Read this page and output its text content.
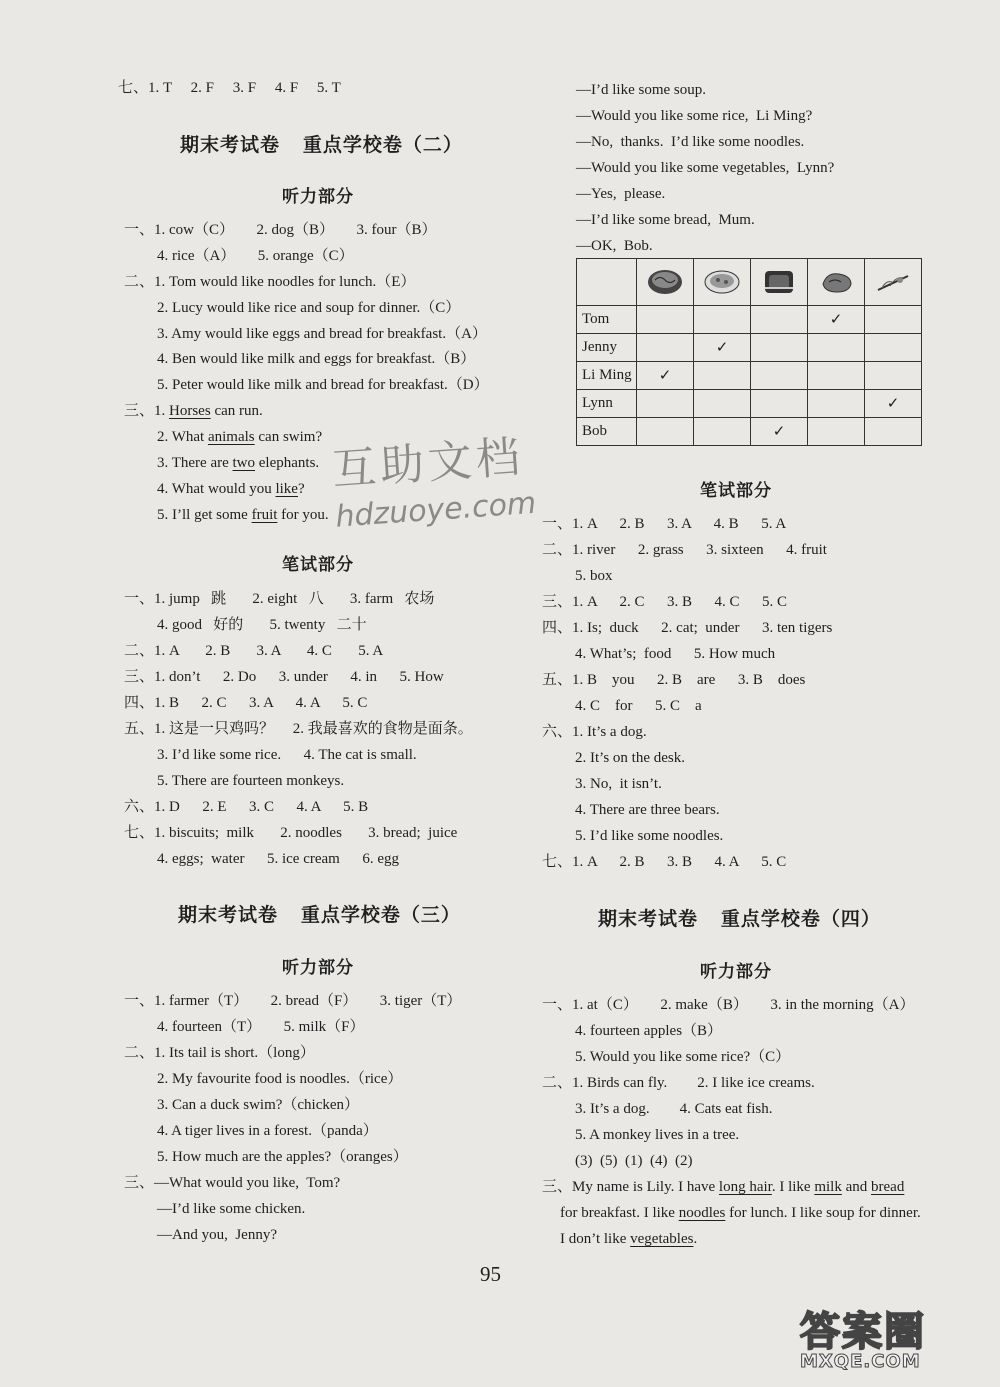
七、1. T     2. F     3. F     4. F     5. T
期末考试卷   重点学校卷（二）
听力部分
一、1. cow（C）      2. dog（B）      3. four（B）
4. rice（A）      5. orange（C）
二、1. Tom would like noodles for lunch.（E）
2. Lucy would like rice and soup for dinner.（C）
3. Amy would like eggs and bread for breakfast.（A）
4. Ben would like milk and eggs for breakfast.（B）
5. Peter would like milk and bread for breakfast.（D）
三、1. Horses can run.
2. What animals can swim?
3. There are two elephants.
4. What would you like?
5. I’ll get some fruit for you.
笔试部分
一、1. jump   跳       2. eight   八       3. farm   农场
4. good   好的       5. twenty   二十
二、1. A       2. B       3. A       4. C       5. A
三、1. don’t      2. Do      3. under      4. in      5. How
四、1. B      2. C      3. A      4. A      5. C
五、1. 这是一只鸡吗？     2. 我最喜欢的食物是面条。
3. I’d like some rice.      4. The cat is small.
5. There are fourteen monkeys.
六、1. D      2. E      3. C      4. A      5. B
七、1. biscuits;  milk       2. noodles       3. bread;  juice
4. eggs;  water      5. ice cream      6. egg
期末考试卷   重点学校卷（三）
听力部分
一、1. farmer（T）      2. bread（F）      3. tiger（T）
4. fourteen（T）      5. milk（F）
二、1. Its tail is short.（long）
2. My favourite food is noodles.（rice）
3. Can a duck swim?（chicken）
4. A tiger lives in a forest.（panda）
5. How much are the apples?（oranges）
三、—What would you like,  Tom?
—I’d like some chicken.
—And you,  Jenny?
—I’d like some soup.
—Would you like some rice,  Li Ming?
—No,  thanks.  I’d like some noodles.
—Would you like some vegetables,  Lynn?
—Yes,  please.
—I’d like some bread,  Mum.
—OK,  Bob.

Tom				✓	
Jenny		✓			
Li Ming	✓				
Lynn					✓
Bob			✓		
笔试部分
一、1. A      2. B      3. A      4. B      5. A
二、1. river      2. grass      3. sixteen      4. fruit
5. box
三、1. A      2. C      3. B      4. C      5. C
四、1. Is;  duck      2. cat;  under      3. ten tigers
4. What’s;  food      5. How much
五、1. B    you      2. B    are      3. B    does
4. C    for      5. C    a
六、1. It’s a dog.
2. It’s on the desk.
3. No,  it isn’t.
4. There are three bears.
5. I’d like some noodles.
七、1. A      2. B      3. B      4. A      5. C
期末考试卷   重点学校卷（四）
听力部分
一、1. at（C）      2. make（B）      3. in the morning（A）
4. fourteen apples（B）
5. Would you like some rice?（C）
二、1. Birds can fly.        2. I like ice creams.
3. It’s a dog.        4. Cats eat fish.
5. A monkey lives in a tree.
(3)  (5)  (1)  (4)  (2)
三、My name is Lily. I have long hair. I like milk and bread
for breakfast. I like noodles for lunch. I like soup for dinner.
I don’t like vegetables.
互助文档
hdzuoye.com
95
答案圈
MXQE.COM
